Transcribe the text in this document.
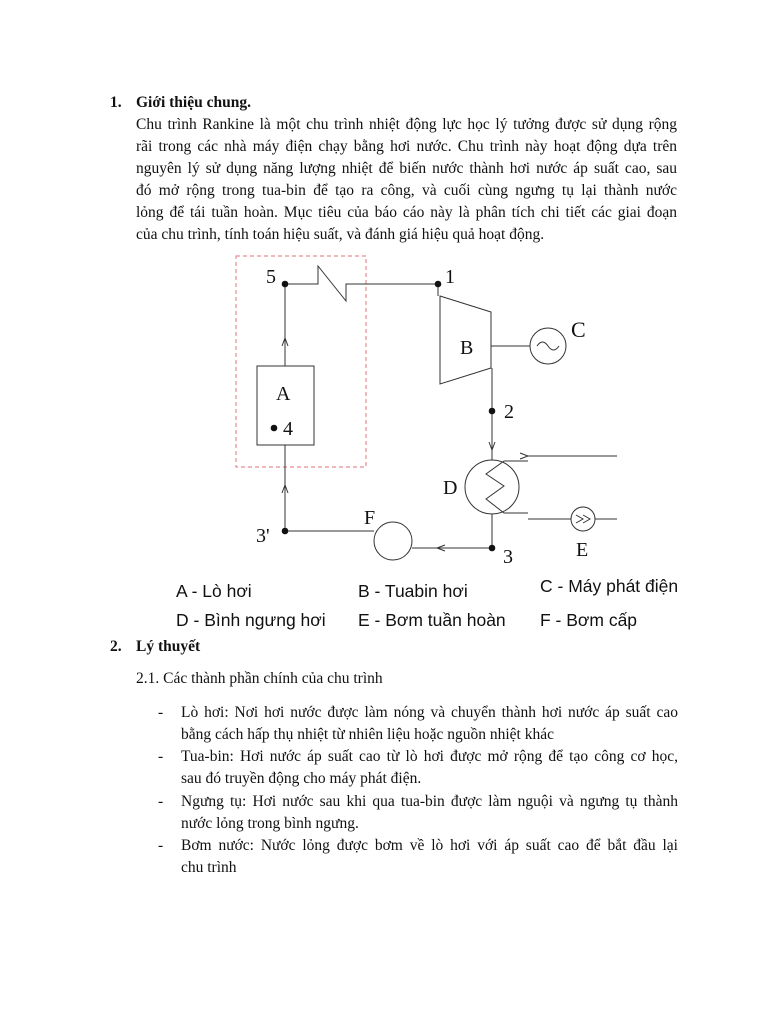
1. Giới thiệu chung.
Chu trình Rankine là một chu trình nhiệt động lực học lý tưởng được sử dụng rộng
rãi trong các nhà máy điện chạy bằng hơi nước. Chu trình này hoạt động dựa trên
nguyên lý sử dụng năng lượng nhiệt để biến nước thành hơi nước áp suất cao, sau
đó mở rộng trong tua-bin để tạo ra công, và cuối cùng ngưng tụ lại thành nước
lỏng để tái tuần hoàn. Mục tiêu của báo cáo này là phân tích chi tiết các giai đoạn
của chu trình, tính toán hiệu suất, và đánh giá hiệu quả hoạt động.
5	1
2
3
3'
4
A
B
C
D
E
F
A - Lò hơi	B - Tuabin hơi	C - Máy phát điện
D - Bình ngưng hơi E - Bơm tuần hoàn F - Bơm cấp
2. Lý thuyết
2.1. Các thành phần chính của chu trình
- Lò hơi: Nơi hơi nước được làm nóng và chuyển thành hơi nước áp suất cao
bằng cách hấp thụ nhiệt từ nhiên liệu hoặc nguồn nhiệt khác
- Tua-bin: Hơi nước áp suất cao từ lò hơi được mở rộng để tạo công cơ học,
sau đó truyền động cho máy phát điện.
- Ngưng tụ: Hơi nước sau khi qua tua-bin được làm nguội và ngưng tụ thành
nước lỏng trong bình ngưng.
- Bơm nước: Nước lỏng được bơm về lò hơi với áp suất cao để bắt đầu lại
chu trình
